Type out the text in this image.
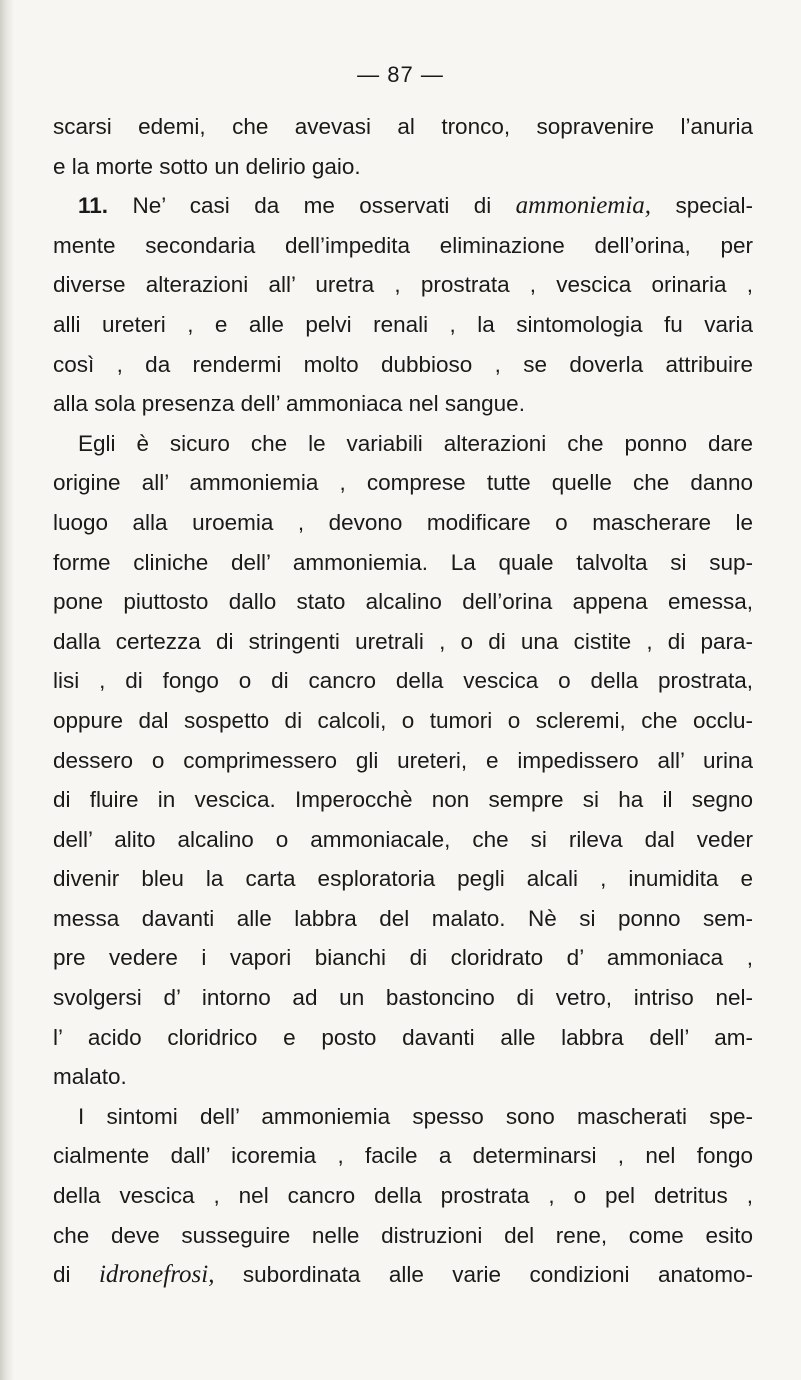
— 87 —
scarsi edemi, che avevasi al tronco, sopravenire l’anuria
e la morte sotto un delirio gaio.
11. Ne’ casi da me osservati di ammoniemia, special-
mente secondaria dell’impedita eliminazione dell’orina, per
diverse alterazioni all’ uretra , prostrata , vescica orinaria ,
alli ureteri , e alle pelvi renali , la sintomologia fu varia
così , da rendermi molto dubbioso , se doverla attribuire
alla sola presenza dell’ ammoniaca nel sangue.
Egli è sicuro che le variabili alterazioni che ponno dare
origine all’ ammoniemia , comprese tutte quelle che danno
luogo alla uroemia , devono modificare o mascherare le
forme cliniche dell’ ammoniemia. La quale talvolta si sup-
pone piuttosto dallo stato alcalino dell’orina appena emessa,
dalla certezza di stringenti uretrali , o di una cistite , di para-
lisi , di fongo o di cancro della vescica o della prostrata,
oppure dal sospetto di calcoli, o tumori o scleremi, che occlu-
dessero o comprimessero gli ureteri, e impedissero all’ urina
di fluire in vescica. Imperocchè non sempre si ha il segno
dell’ alito alcalino o ammoniacale, che si rileva dal veder
divenir bleu la carta esploratoria pegli alcali , inumidita e
messa davanti alle labbra del malato. Nè si ponno sem-
pre vedere i vapori bianchi di cloridrato d’ ammoniaca ,
svolgersi d’ intorno ad un bastoncino di vetro, intriso nel-
l’ acido cloridrico e posto davanti alle labbra dell’ am-
malato.
I sintomi dell’ ammoniemia spesso sono mascherati spe-
cialmente dall’ icoremia , facile a determinarsi , nel fongo
della vescica , nel cancro della prostrata , o pel detritus ,
che deve susseguire nelle distruzioni del rene, come esito
di idronefrosi, subordinata alle varie condizioni anatomo-
